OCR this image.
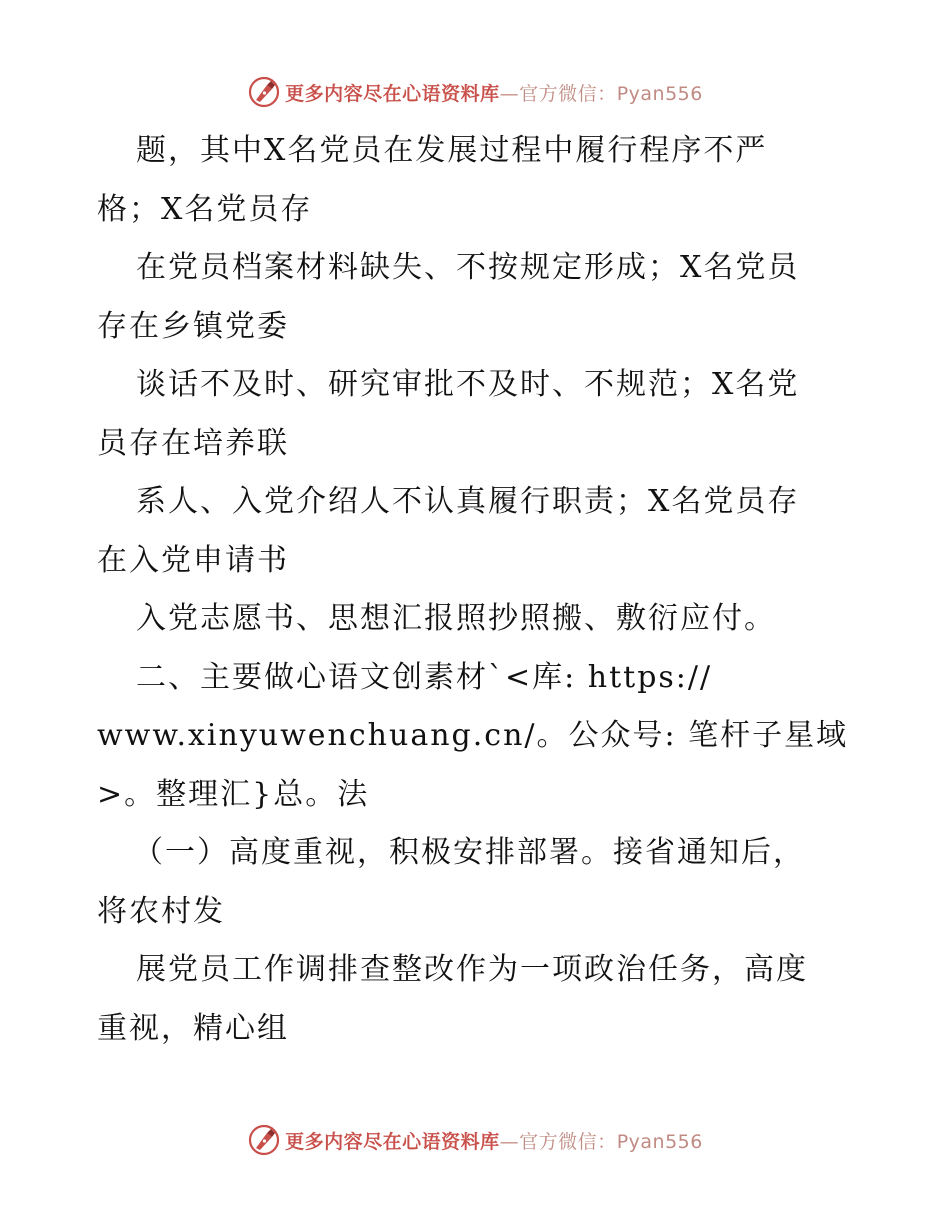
更多内容尽在心语资料库—官方微信：Pyan556
题，其中X名党员在发展过程中履行程序不严
格；X名党员存
在党员档案材料缺失、不按规定形成；X名党员
存在乡镇党委
谈话不及时、研究审批不及时、不规范；X名党
员存在培养联
系人、入党介绍人不认真履行职责；X名党员存
在入党申请书
入党志愿书、思想汇报照抄照搬、敷衍应付。
二、主要做心语文创素材`<库: https://
www.xinyuwenchuang.cn/。公众号: 笔杆子星域
>。整理汇}总。法
（一）高度重视，积极安排部署。接省通知后，
将农村发
展党员工作调排查整改作为一项政治任务，高度
重视，精心组
更多内容尽在心语资料库—官方微信：Pyan556
